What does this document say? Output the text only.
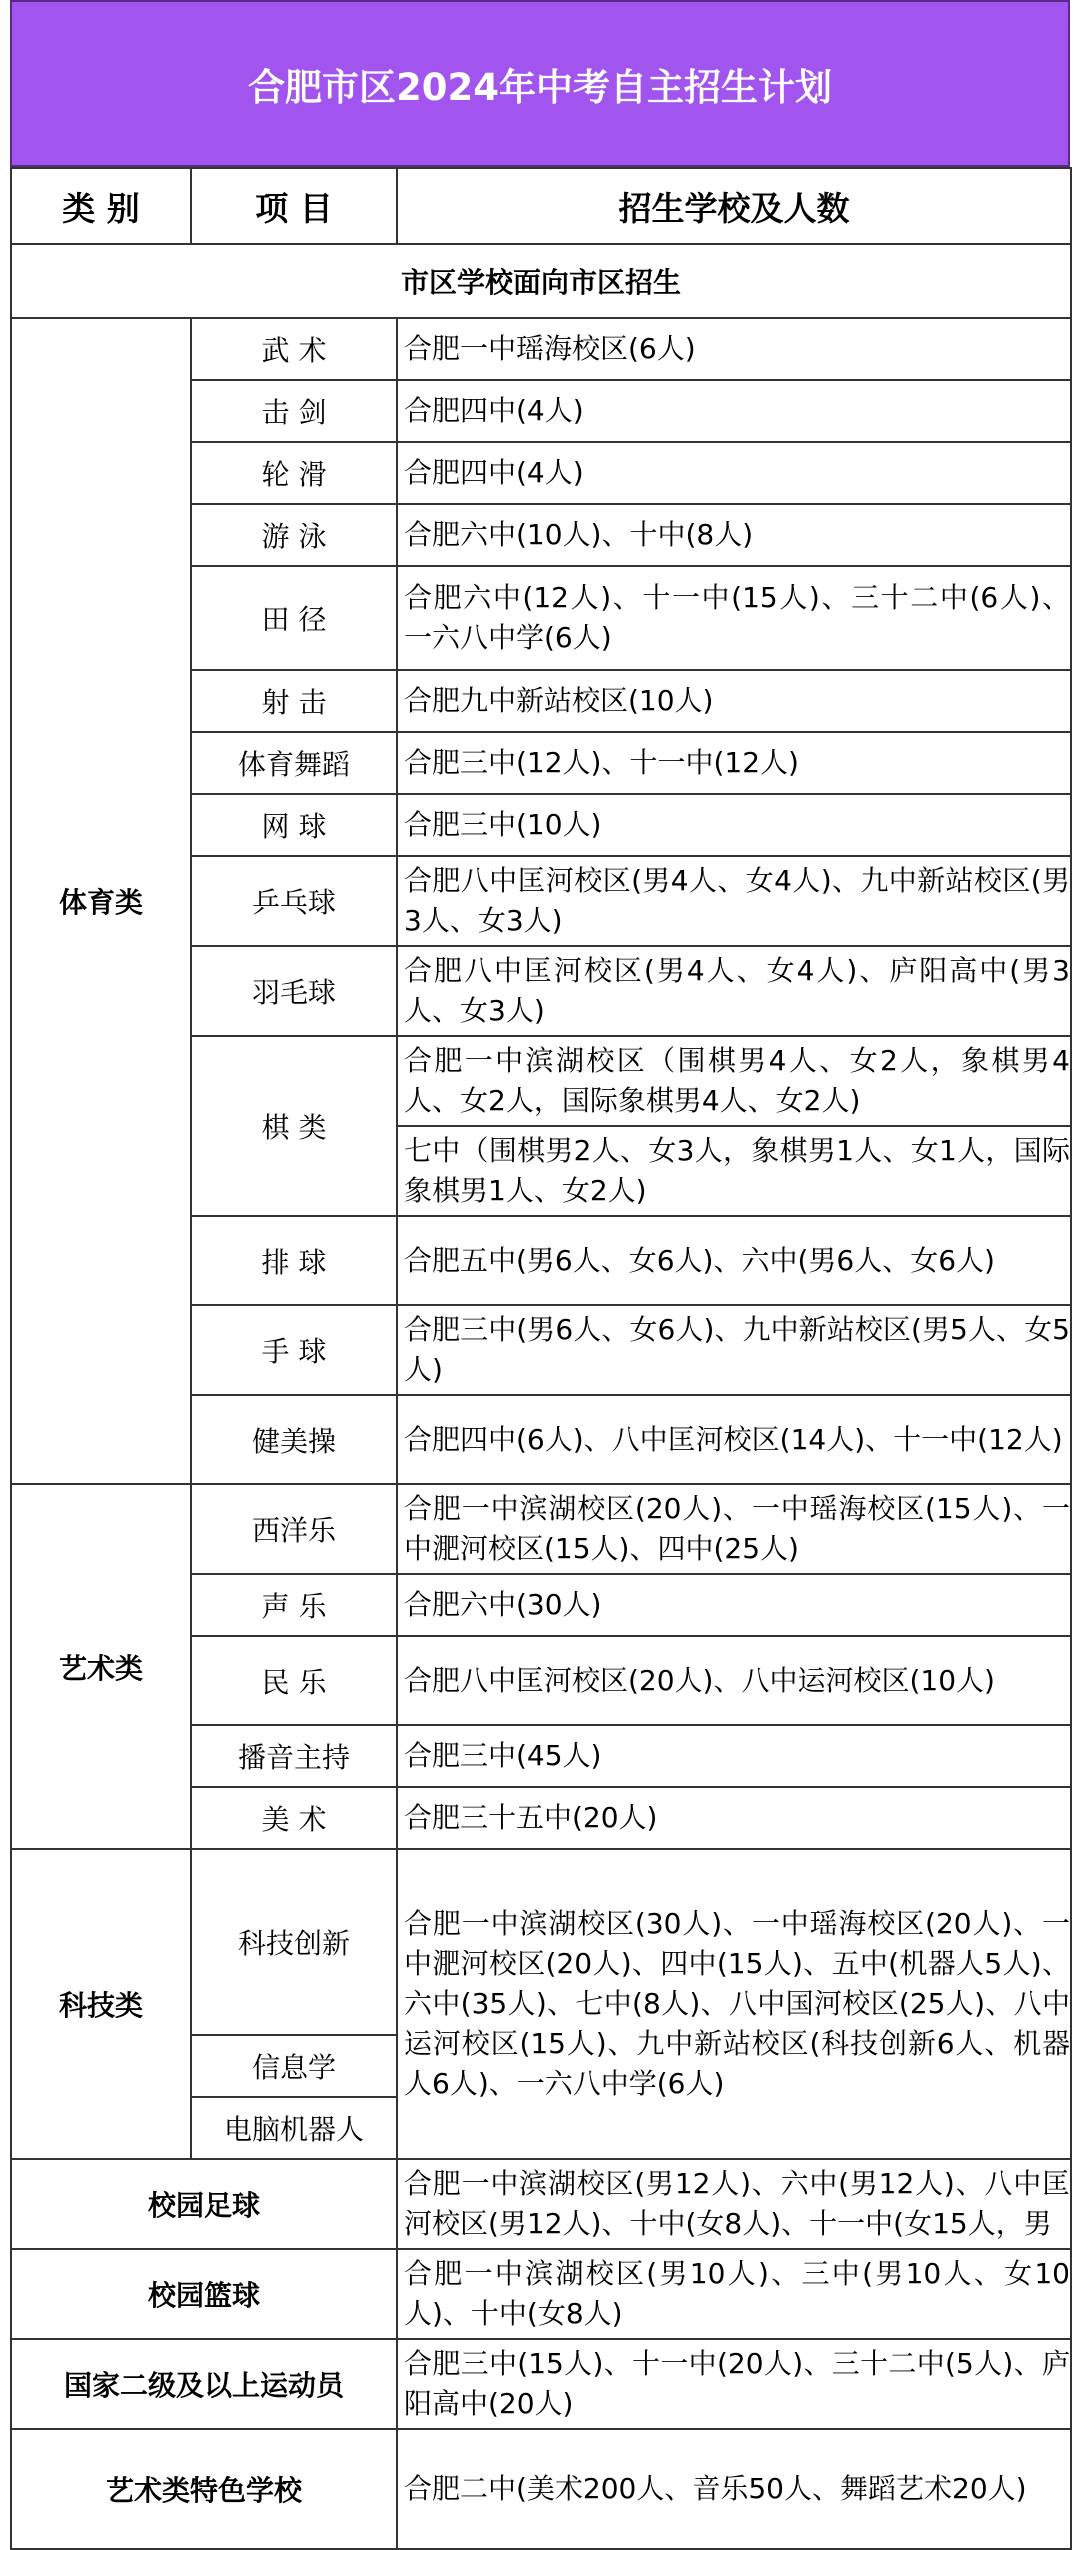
合肥市区2024年中考自主招生计划
类 别	项 目	招生学校及人数
市区学校面向市区招生		
体育类	武 术	合肥一中瑶海校区(6人)
	击 剑	合肥四中(4人)
	轮 滑	合肥四中(4人)
	游 泳	合肥六中(10人)、十中(8人)
	田 径	合肥六中(12人)、十一中(15人)、三十二中(6人)、 一六八中学(6人)
	射 击	合肥九中新站校区(10人)
	体育舞蹈	合肥三中(12人)、十一中(12人)
	网 球	合肥三中(10人)
	乒乓球	合肥八中匡河校区(男4人、女4人)、九中新站校区(男3人、女3人)
	羽毛球	合肥八中匡河校区(男4人、女4人)、庐阳高中(男3人、女3人)
	棋 类	合肥一中滨湖校区（围棋男4人、女2人，象棋男4人、女2人，国际象棋男4人、女2人)
		七中（围棋男2人、女3人，象棋男1人、女1人，国际象棋男1人、女2人)
	排 球	合肥五中(男6人、女6人)、六中(男6人、女6人)
	手 球	合肥三中(男6人、女6人)、九中新站校区(男5人、女5人)
	健美操	合肥四中(6人)、八中匡河校区(14人)、十一中(12人)
艺术类	西洋乐	合肥一中滨湖校区(20人)、一中瑶海校区(15人)、一中淝河校区(15人)、四中(25人)
	声 乐	合肥六中(30人)
	民 乐	合肥八中匡河校区(20人)、八中运河校区(10人)
	播音主持	合肥三中(45人)
	美 术	合肥三十五中(20人)
科技类	科技创新	合肥一中滨湖校区(30人)、一中瑶海校区(20人)、一中淝河校区(20人)、四中(15人)、五中(机器人5人)、六中(35人)、七中(8人)、八中国河校区(25人)、八中运河校区(15人)、九中新站校区(科技创新6人、机器人6人)、一六八中学(6人)
	信息学	
	电脑机器人	
校园足球		合肥一中滨湖校区(男12人)、六中(男12人)、八中匡河校区(男12人)、十中(女8人)、十一中(女15人，男

校园篮球		合肥一中滨湖校区(男10人)、三中(男10人、女10人)、十中(女8人)
国家二级及以上运动员		合肥三中(15人)、十一中(20人)、三十二中(5人)、庐阳高中(20人)
艺术类特色学校		合肥二中(美术200人、音乐50人、舞蹈艺术20人)
